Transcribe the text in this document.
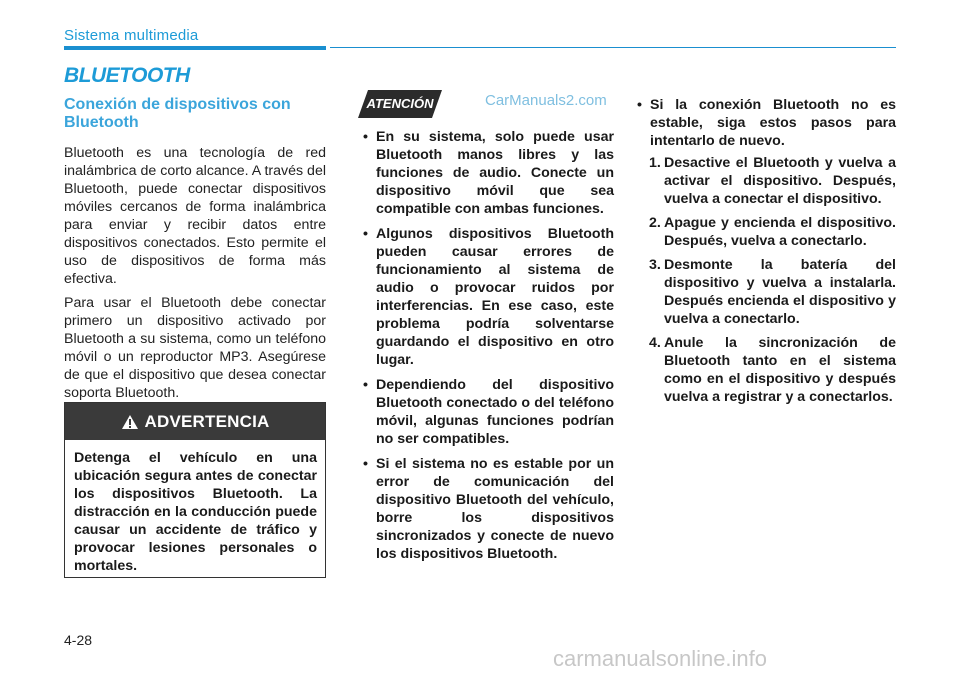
Sistema multimedia
BLUETOOTH
Conexión de dispositivos con Bluetooth

Bluetooth es una tecnología de red inalámbrica de corto alcance. A través del Bluetooth, puede conectar dispositivos móviles cercanos de forma inalámbrica para enviar y recibir datos entre dispositivos conectados. Esto permite el uso de dispositivos de forma más efectiva.

Para usar el Bluetooth debe conectar primero un dispositivo activado por Bluetooth a su sistema, como un teléfono móvil o un reproductor MP3. Asegúrese de que el dispositivo que desea conectar soporta Bluetooth.

ADVERTENCIA
Detenga el vehículo en una ubicación segura antes de conectar los dispositivos Bluetooth. La distracción en la conducción puede causar un accidente de tráfico y provocar lesiones personales o mortales.
ATENCIÓN	CarManuals2.com
• En su sistema, solo puede usar Bluetooth manos libres y las funciones de audio. Conecte un dispositivo móvil que sea compatible con ambas funciones.
• Algunos dispositivos Bluetooth pueden causar errores de funcionamiento al sistema de audio o provocar ruidos por interferencias. En ese caso, este problema podría solventarse guardando el dispositivo en otro lugar.
• Dependiendo del dispositivo Bluetooth conectado o del teléfono móvil, algunas funciones podrían no ser compatibles.
• Si el sistema no es estable por un error de comunicación del dispositivo Bluetooth del vehículo, borre los dispositivos sincronizados y conecte de nuevo los dispositivos Bluetooth.
• Si la conexión Bluetooth no es estable, siga estos pasos para intentarlo de nuevo.
1. Desactive el Bluetooth y vuelva a activar el dispositivo. Después, vuelva a conectar el dispositivo.
2. Apague y encienda el dispositivo. Después, vuelva a conectarlo.
3. Desmonte la batería del dispositivo y vuelva a instalarla. Después encienda el dispositivo y vuelva a conectarlo.
4. Anule la sincronización de Bluetooth tanto en el sistema como en el dispositivo y después vuelva a registrar y a conectarlos.
4-28
carmanualsonline.info
